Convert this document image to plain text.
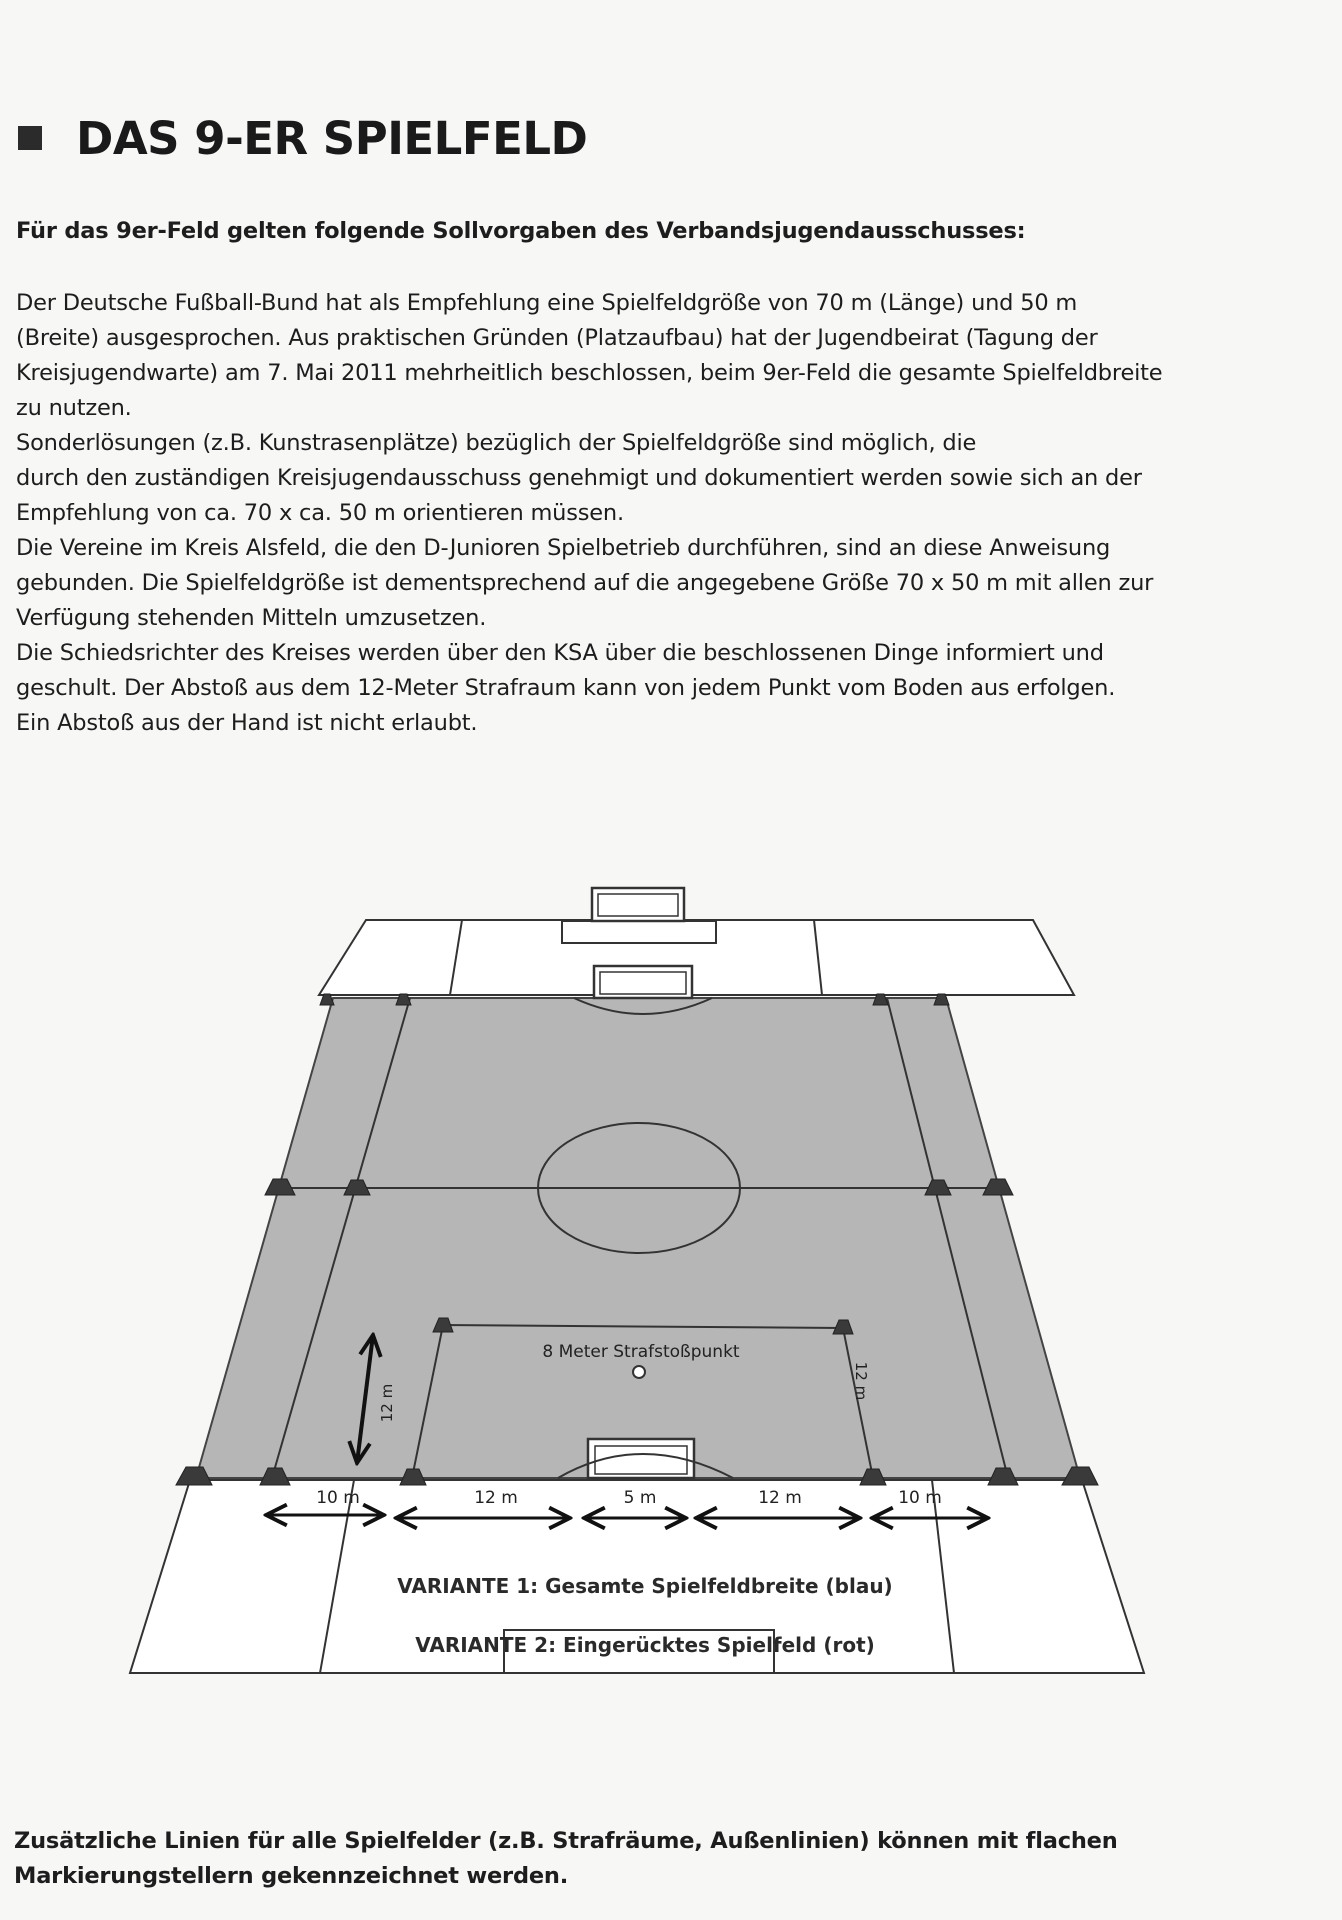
DAS 9-ER SPIELFELD
Für das 9er-Feld gelten folgende Sollvorgaben des Verbandsjugendausschusses:
Der Deutsche Fußball-Bund hat als Empfehlung eine Spielfeldgröße von 70 m (Länge) und 50 m
(Breite) ausgesprochen. Aus praktischen Gründen (Platzaufbau) hat der Jugendbeirat (Tagung der
Kreisjugendwarte) am 7. Mai 2011 mehrheitlich beschlossen, beim 9er-Feld die gesamte Spielfeldbreite
zu nutzen.
Sonderlösungen (z.B. Kunstrasenplätze) bezüglich der Spielfeldgröße sind möglich, die
durch den zuständigen Kreisjugendausschuss genehmigt und dokumentiert werden sowie sich an der
Empfehlung von ca. 70 x ca. 50 m orientieren müssen.
Die Vereine im Kreis Alsfeld, die den D-Junioren Spielbetrieb durchführen, sind an diese Anweisung
gebunden. Die Spielfeldgröße ist dementsprechend auf die angegebene Größe 70 x 50 m mit allen zur
Verfügung stehenden Mitteln umzusetzen.
Die Schiedsrichter des Kreises werden über den KSA über die beschlossenen Dinge informiert und
geschult. Der Abstoß aus dem 12-Meter Strafraum kann von jedem Punkt vom Boden aus erfolgen.
Ein Abstoß aus der Hand ist nicht erlaubt.
8 Meter Strafstoßpunkt
12 m
12 m
10 m	12 m	5 m	12 m	10 m
VARIANTE 1: Gesamte Spielfeldbreite (blau)
VARIANTE 2: Eingerücktes Spielfeld (rot)
Zusätzliche Linien für alle Spielfelder (z.B. Strafräume, Außenlinien) können mit flachen
Markierungstellern gekennzeichnet werden.
